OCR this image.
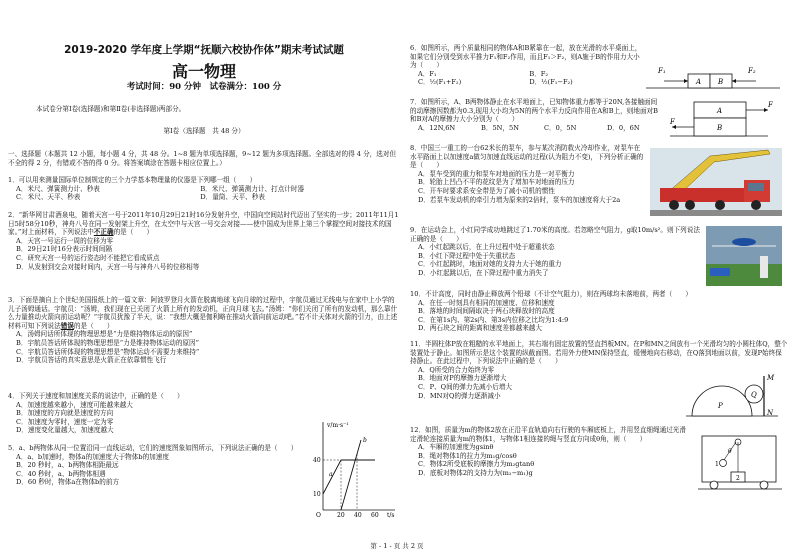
2019-2020 学年度上学期“抚顺六校协作体”期末考试试题
高一物理
考试时间：90 分钟　试卷满分：100 分
本试卷分第Ⅰ卷(选择题)和第Ⅱ卷(非选择题)两部分。
第Ⅰ卷（选择题　共 48 分）
一、选择题（本题共 12 小题，每小题 4 分，共 48 分。1~8 题为单项选择题，9~12 题为多项选择题。全部选对的得 4 分，选对但不全的得 2 分，有错或不答的得 0 分。将答案填涂在答题卡相应位置上。）

1．可以用来测量国际单位制规定的三个力学基本物理量的仪器是下列哪一组（　　）

A．米尺、弹簧测力计、秒表	B．米尺、弹簧测力计、打点计时器
C．米尺、天平、秒表	D．量筒、天平、秒表

2．“新华网甘肃酒泉电，随着天宫一号于2011年10月29日21时16分发射升空，中国向空间站时代迈出了坚实的一步；2011年11月1日5时58分10秒，神舟八号在同一发射架上升空，在太空中与天宫一号交会对接——使中国成为世界上第三个掌握空间对接技术的国家。”对上面材料，下列说法中不正确的是（　　）

A．天宫一号运行一周的位移为零

B．29日21时16分表示时间间隔

C．研究天宫一号的运行姿态时不能把它看成质点

D．从发射到交会对接时间内，天宫一号与神舟八号的位移相等

3．下面是摘自上个世纪美国报纸上的一篇文章：阿波罗登月火箭在脱离地球飞向月球的过程中，宇航员通过无线电与在家中上小学的儿子汤姆通话。宇航员：“汤姆，我们现在已关闭了火箭上所有的发动机，正向月球飞去。”汤姆：“你们关闭了所有的发动机，那么靠什么力量推动火箭向前运动呢？”宇航员犹豫了半天，说：“我想大概是伽利略在推动火箭向前运动吧。”若不计天体对火箭的引力，由上述材料可知下列说法错误的是（　　）

A．汤姆问话所体现的物理思想是“力是维持物体运动的原因”

B．宇航员答话所体现的物理思想是“力是维持物体运动的原因”

C．宇航员答话所体现的物理思想是“物体运动不需要力来维持”

D．宇航员答话的真实意思是火箭正在依靠惯性飞行

4．下列关于速度和加速度关系的说法中，正确的是（　　）

A．加速度越来越小，速度可能越来越大

B．加速度的方向就是速度的方向

C．加速度为零时，速度一定为零

D．速度变化量越大，加速度越大

5．a、b两物体从同一位置沿同一直线运动，它们的速度图象如图所示，下列说法正确的是（　　）

A．a、b加速时，物体a的加速度大于物体b的加速度

B．20 秒时，a、b两物体相距最远

C．40 秒时，a、b两物体相遇

D．60 秒时，物体a在物体b的前方

v/m·s⁻¹
t/s
O
40
10
20 40 60
a
b

6．如图所示，两个质量相同的物体A和B紧靠在一起，放在光滑的水平桌面上，如果它们分别受到水平推力F₁和F₂作用，而且F₁＞F₂，则A施于B的作用力大小为（　　）

A．F₁	B．F₂
C．½(F₁+F₂)	D．½(F₁−F₂)	A B
F₁	F₂

7．如图所示，A、B两物体静止在水平地面上，已知物体重力都等于20N,各接触面间的动摩擦因数都为0.3,现用大小均为5N的两个水平力反向作用在A和B上，则地面对B和B对A的摩擦力大小分别为（　　）

A．12N,6N	B．5N，5N	C．0，5N	D．0，6N
A
B
F
F

8．中国三一重工的一台62米长的泵车，参与某次消防救火冷却作业，对泵车在水平路面上以加速度a做匀加速直线运动的过程(认为阻力不变)，下列分析正确的是（　　）

A．泵车受到的重力和泵车对地面的压力是一对平衡力

B．轮胎上凹凸不平的花纹是为了增加车对地面的压力

C．开车时要求系安全带是为了减小司机的惯性

D．若泵车发动机的牵引力增为原来的2倍时，泵车的加速度将大于2a

9．在运动会上，小红同学成功地跳过了1.70米的高度。若忽略空气阻力，g取10m/s²。则下列说法正确的是（　　）

A．小红起跳以后，在上升过程中处于超重状态

B．小红下降过程中处于失重状态

C．小红起跳时，地面对她的支持力大于她的重力

D．小红起跳以后，在下降过程中重力消失了

10．不计高度，同时由静止释放两个铅球（不计空气阻力），则在两球均未落地前，两者（　　）

A．在任一时刻具有相同的加速度、位移和速度

B．落地的时间间隔取决于两石块释放时的高度

C．在第1s内、第2s内、第3s内位移之比均为1:4:9

D．两石块之间的距离和速度差都越来越大

11．半圆柱体P放在粗糙的水平地面上，其右端有固定放置的竖直挡板MN。在P和MN之间放有一个光滑均匀的小圆柱体Q，整个装置处于静止。如图所示是这个装置的纵截面图。若用外力使MN保持竖直，缓慢地向右移动，在Q落到地面以前，发现P始终保持静止。在此过程中，下列说法中正确的是（　　）

A．Q所受的合力始终为零

B．地面对P的摩擦力逐渐增大

C．P、Q间的弹力先减小后增大

D．MN对Q的弹力逐渐减小

P
Q
M
N

12．如图，质量为m的物体2放在正沿平直轨道向右行驶的车厢底板上，并用竖直细绳通过光滑定滑轮连接质量为m的物体1，与物体1相连接的绳与竖直方向成θ角，则（　　）

A．车厢的加速度为gsinθ

B．绳对物体1的拉力为m₁g/cosθ

C．物体2所受底板的摩擦力为m₂gtanθ

D．底板对物体2的支持力为(m₂−m₁)g

1
2
θ
第 - 1 - 页 共 2 页
